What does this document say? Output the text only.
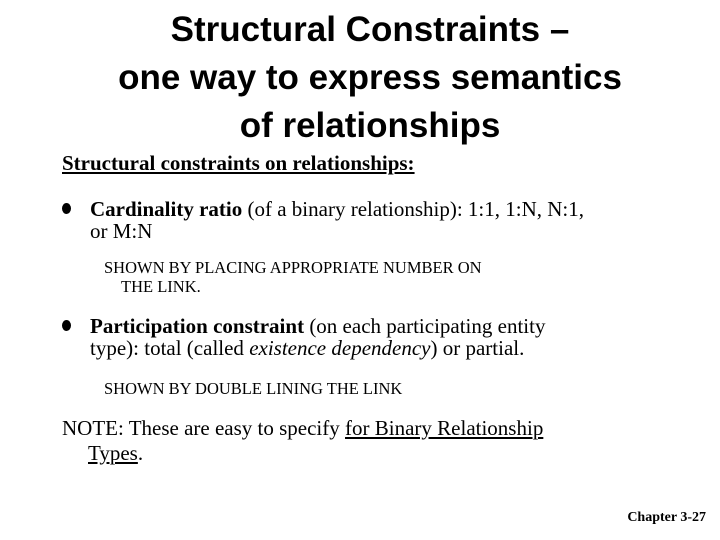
Structural Constraints –
one way to express semantics
of relationships
Structural constraints on relationships:
Cardinality ratio (of a binary relationship): 1:1, 1:N, N:1,
or M:N
SHOWN BY PLACING APPROPRIATE NUMBER ON
THE LINK.
Participation constraint (on each participating entity
type): total (called existence dependency) or partial.
SHOWN BY DOUBLE LINING THE LINK
NOTE: These are easy to specify for Binary Relationship
Types.
Chapter 3-27
